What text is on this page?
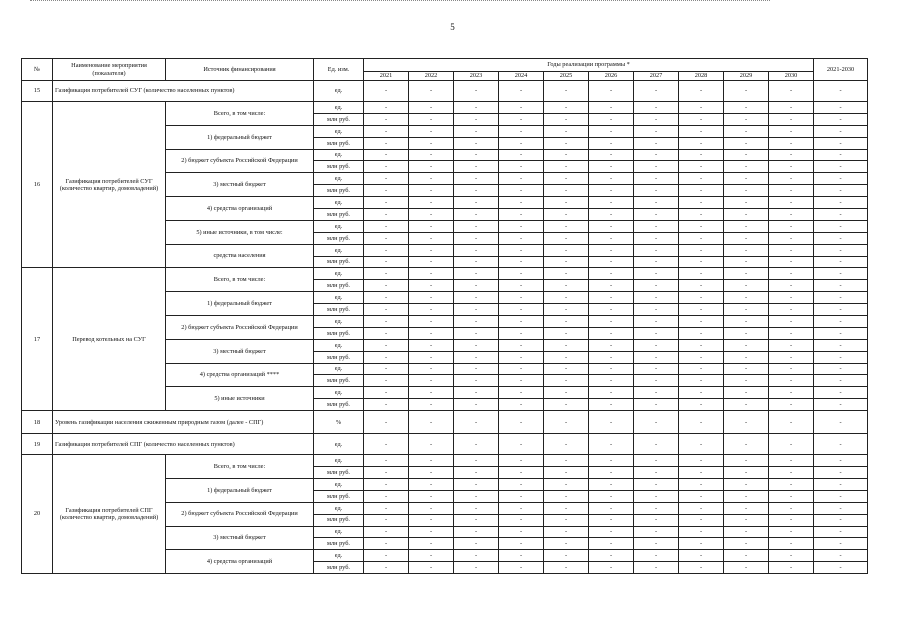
5
№	Наименование мероприятия (показателя)	Источник финансирования	Ед. изм.	Годы реализации программы *										2021-2030
				2021	2022	2023	2024	2025	2026	2027	2028	2029	2030	
15	Газификация потребителей СУГ (количество населенных пунктов)		ед.	-	-	-	-	-	-	-	-	-	-	-
16	Газификация потребителей СУГ (количество квартир, домовладений)	Всего, в том числе:	ед.	-	-	-	-	-	-	-	-	-	-	-
			млн руб.	-	-	-	-	-	-	-	-	-	-	-
		1) федеральный бюджет	ед.	-	-	-	-	-	-	-	-	-	-	-
			млн руб.	-	-	-	-	-	-	-	-	-	-	-
		2) бюджет субъекта Российской Федерации	ед.	-	-	-	-	-	-	-	-	-	-	-
			млн руб.	-	-	-	-	-	-	-	-	-	-	-
		3) местный бюджет	ед.	-	-	-	-	-	-	-	-	-	-	-
			млн руб.	-	-	-	-	-	-	-	-	-	-	-
		4) средства организаций	ед.	-	-	-	-	-	-	-	-	-	-	-
			млн руб.	-	-	-	-	-	-	-	-	-	-	-
		5) иные источники, в том числе:	ед.	-	-	-	-	-	-	-	-	-	-	-
			млн руб.	-	-	-	-	-	-	-	-	-	-	-
		средства населения	ед.	-	-	-	-	-	-	-	-	-	-	-
			млн руб.	-	-	-	-	-	-	-	-	-	-	-
17	Перевод котельных на СУГ	Всего, в том числе:	ед.	-	-	-	-	-	-	-	-	-	-	-
			млн руб.	-	-	-	-	-	-	-	-	-	-	-
		1) федеральный бюджет	ед.	-	-	-	-	-	-	-	-	-	-	-
			млн руб.	-	-	-	-	-	-	-	-	-	-	-
		2) бюджет субъекта Российской Федерации	ед.	-	-	-	-	-	-	-	-	-	-	-
			млн руб.	-	-	-	-	-	-	-	-	-	-	-
		3) местный бюджет	ед.	-	-	-	-	-	-	-	-	-	-	-
			млн руб.	-	-	-	-	-	-	-	-	-	-	-
		4) средства организаций ****	ед.	-	-	-	-	-	-	-	-	-	-	-
			млн руб.	-	-	-	-	-	-	-	-	-	-	-
		5) иные источники	ед.	-	-	-	-	-	-	-	-	-	-	-
			млн руб.	-	-	-	-	-	-	-	-	-	-	-
18	Уровень газификации населения сжиженным природным газом (далее - СПГ)		%	-	-	-	-	-	-	-	-	-	-	-
19	Газификация потребителей СПГ (количество населенных пунктов)		ед.	-	-	-	-	-	-	-	-	-	-	-
20	Газификация потребителей СПГ (количество квартир, домовладений)	Всего, в том числе:	ед.	-	-	-	-	-	-	-	-	-	-	-
			млн руб.	-	-	-	-	-	-	-	-	-	-	-
		1) федеральный бюджет	ед.	-	-	-	-	-	-	-	-	-	-	-
			млн руб.	-	-	-	-	-	-	-	-	-	-	-
		2) бюджет субъекта Российской Федерации	ед.	-	-	-	-	-	-	-	-	-	-	-
			млн руб.	-	-	-	-	-	-	-	-	-	-	-
		3) местный бюджет	ед.	-	-	-	-	-	-	-	-	-	-	-
			млн руб.	-	-	-	-	-	-	-	-	-	-	-
		4) средства организаций	ед.	-	-	-	-	-	-	-	-	-	-	-
			млн руб.	-	-	-	-	-	-	-	-	-	-	-
